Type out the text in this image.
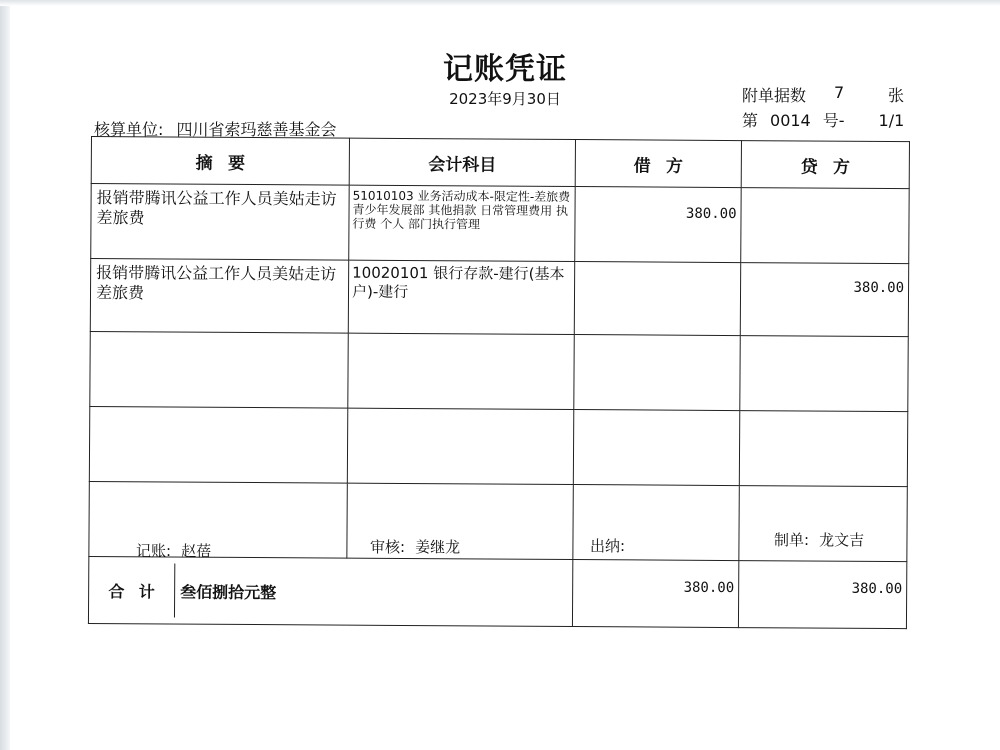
记账凭证
2023年9月30日	附单据数 7	张
第 0014 号- 1/1
核算单位: 四川省索玛慈善基金会
摘要	会计科目	借方	贷方
报销带腾讯公益工作人员美姑走访差旅费	51010103 业务活动成本-限定性-差旅费 青少年发展部 其他捐款 日常管理费用 执行费 个人 部门执行管理	380.00	
报销带腾讯公益工作人员美姑走访差旅费	10020101 银行存款-建行(基本户)-建行		380.00

合计 叁佰捌拾元整		380.00	380.00
记账: 赵蓓	审核: 姜继龙	出纳:	制单: 龙文吉
